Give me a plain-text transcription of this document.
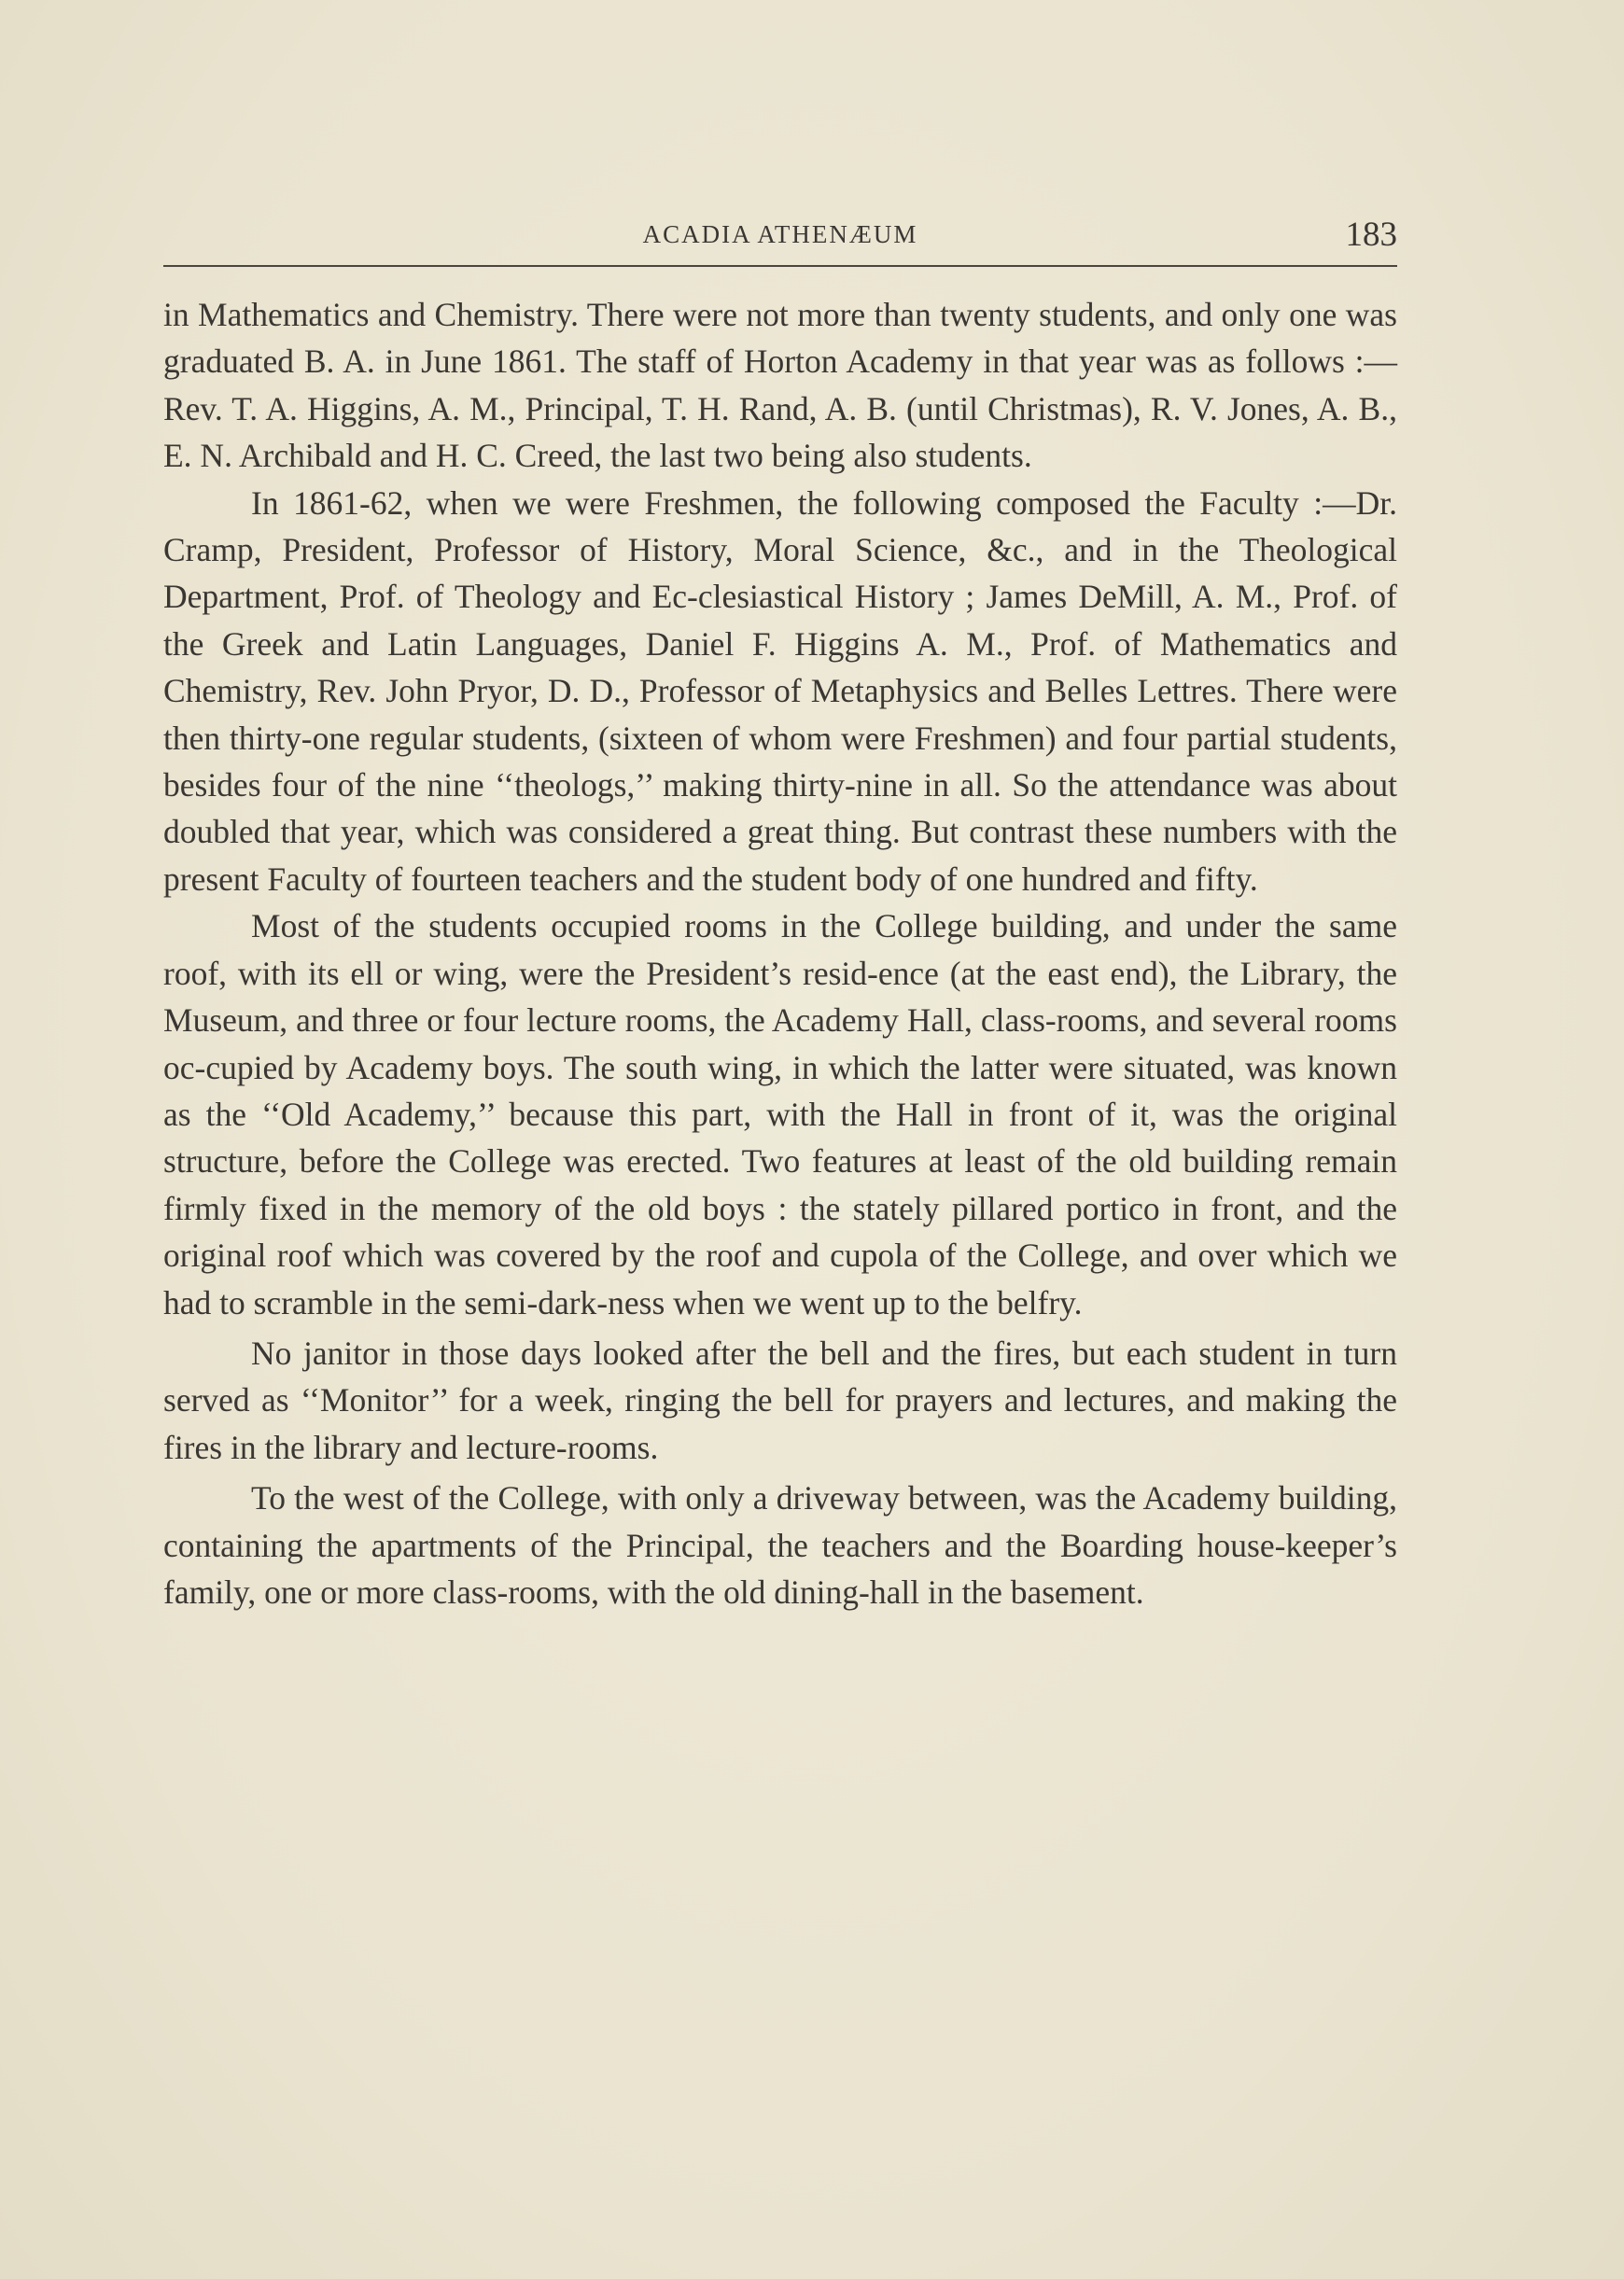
ACADIA ATHENÆUM	183

in Mathematics and Chemistry. There were not more than twenty students, and only one was graduated B. A. in June 1861. The staff of Horton Academy in that year was as follows :—Rev. T. A. Higgins, A. M., Principal, T. H. Rand, A. B. (until Christmas), R. V. Jones, A. B., E. N. Archibald and H. C. Creed, the last two being also students.

In 1861-62, when we were Freshmen, the following composed the Faculty :—Dr. Cramp, President, Professor of History, Moral Science, &c., and in the Theological Department, Prof. of Theology and Ec-clesiastical History ; James DeMill, A. M., Prof. of the Greek and Latin Languages, Daniel F. Higgins A. M., Prof. of Mathematics and Chemistry, Rev. John Pryor, D. D., Professor of Metaphysics and Belles Lettres. There were then thirty-one regular students, (sixteen of whom were Freshmen) and four partial students, besides four of the nine ‘‘theologs,’’ making thirty-nine in all. So the attendance was about doubled that year, which was considered a great thing. But contrast these numbers with the present Faculty of fourteen teachers and the student body of one hundred and fifty.

Most of the students occupied rooms in the College building, and under the same roof, with its ell or wing, were the President’s resid-ence (at the east end), the Library, the Museum, and three or four lecture rooms, the Academy Hall, class-rooms, and several rooms oc-cupied by Academy boys. The south wing, in which the latter were situated, was known as the ‘‘Old Academy,’’ because this part, with the Hall in front of it, was the original structure, before the College was erected. Two features at least of the old building remain firmly fixed in the memory of the old boys : the stately pillared portico in front, and the original roof which was covered by the roof and cupola of the College, and over which we had to scramble in the semi-dark-ness when we went up to the belfry.

No janitor in those days looked after the bell and the fires, but each student in turn served as ‘‘Monitor’’ for a week, ringing the bell for prayers and lectures, and making the fires in the library and lecture-rooms.

To the west of the College, with only a driveway between, was the Academy building, containing the apartments of the Principal, the teachers and the Boarding house-keeper’s family, one or more class-rooms, with the old dining-hall in the basement.
